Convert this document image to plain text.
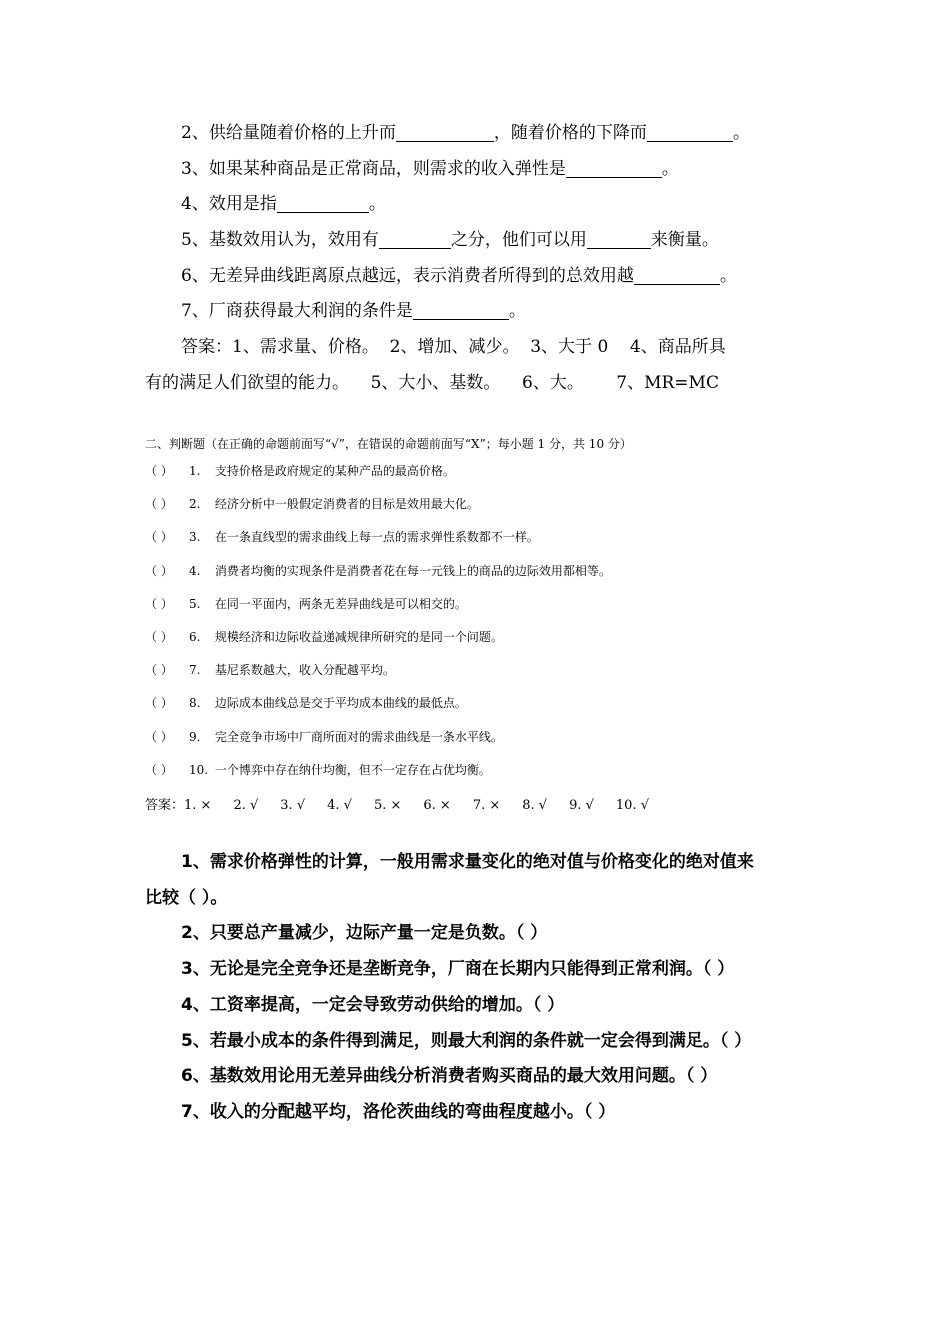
2、供给量随着价格的上升而	，随着价格的下降而	。
3、如果某种商品是正常商品，则需求的收入弹性是	。
4、效用是指	。
5、基数效用认为，效用有	之分，他们可以用	来衡量。
6、无差异曲线距离原点越远，表示消费者所得到的总效用越	。
7、厂商获得最大利润的条件是	。
答案：1、需求量、价格。  2、增加、减少。  3、大于 0    4、商品所具
有的满足人们欲望的能力。    5、大小、基数。    6、大。      7、MR=MC
二、判断题（在正确的命题前面写“√”，在错误的命题前面写“X”；每小题 1 分，共 10 分）
（ ） 1. 支持价格是政府规定的某种产品的最高价格。
（ ） 2. 经济分析中一般假定消费者的目标是效用最大化。
（ ） 3. 在一条直线型的需求曲线上每一点的需求弹性系数都不一样。
（ ） 4. 消费者均衡的实现条件是消费者花在每一元钱上的商品的边际效用都相等。
（ ） 5. 在同一平面内，两条无差异曲线是可以相交的。
（ ） 6. 规模经济和边际收益递减规律所研究的是同一个问题。
（ ） 7. 基尼系数越大，收入分配越平均。
（ ） 8. 边际成本曲线总是交于平均成本曲线的最低点。
（ ） 9. 完全竞争市场中厂商所面对的需求曲线是一条水平线。
（ ） 10. 一个博弈中存在纳什均衡，但不一定存在占优均衡。
答案：1. × 2. √ 3. √ 4. √ 5. × 6. × 7. × 8. √ 9. √ 10. √
1、需求价格弹性的计算，一般用需求量变化的绝对值与价格变化的绝对值来
比较（ ）。
2、只要总产量减少，边际产量一定是负数。（ ）
3、无论是完全竞争还是垄断竞争，厂商在长期内只能得到正常利润。（ ）
4、工资率提高，一定会导致劳动供给的增加。（ ）
5、若最小成本的条件得到满足，则最大利润的条件就一定会得到满足。（ ）
6、基数效用论用无差异曲线分析消费者购买商品的最大效用问题。（ ）
7、收入的分配越平均，洛伦茨曲线的弯曲程度越小。（ ）
